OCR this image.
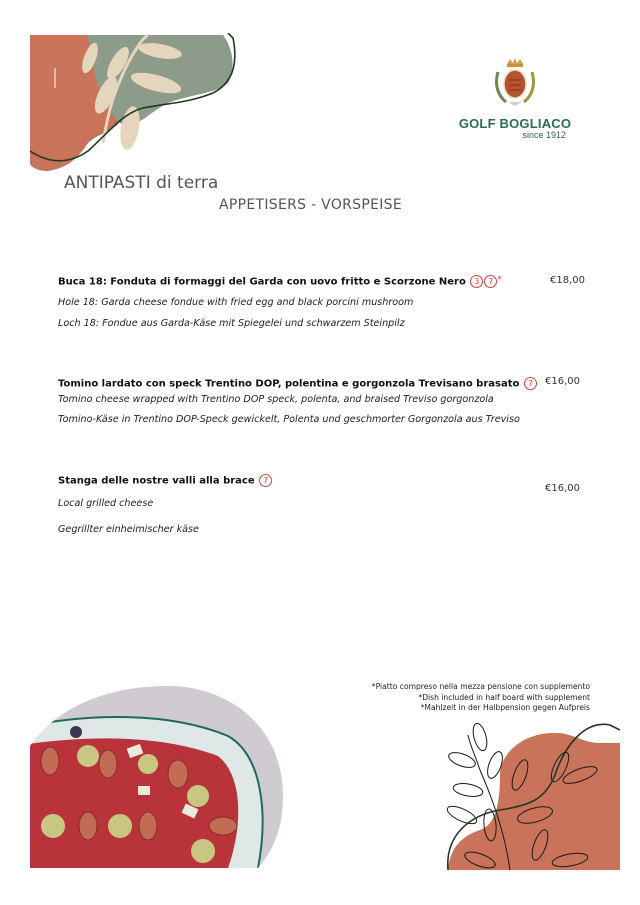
GOLF BOGLIACO
since 1912
ANTIPASTI di terra
APPETISERS - VORSPEISE
Buca 18: Fonduta di formaggi del Garda con uovo fritto e Scorzone Nero 3 7 *	€18,00
Hole 18: Garda cheese fondue with fried egg and black porcini mushroom
Loch 18: Fondue aus Garda-Käse mit Spiegelei und schwarzem Steinpilz
Tomino lardato con speck Trentino DOP, polentina e gorgonzola Trevisano brasato 7	€16,00
Tomino cheese wrapped with Trentino DOP speck, polenta, and braised Treviso gorgonzola
Tomino-Käse in Trentino DOP-Speck gewickelt, Polenta und geschmorter Gorgonzola aus Treviso
Stanga delle nostre valli alla brace 7
€16,00
Local grilled cheese
Gegrillter einheimischer käse
*Piatto compreso nella mezza pensione con supplemento
*Dish included in half board with supplement
*Mahlzeit in der Halbpension gegen Aufpreis
